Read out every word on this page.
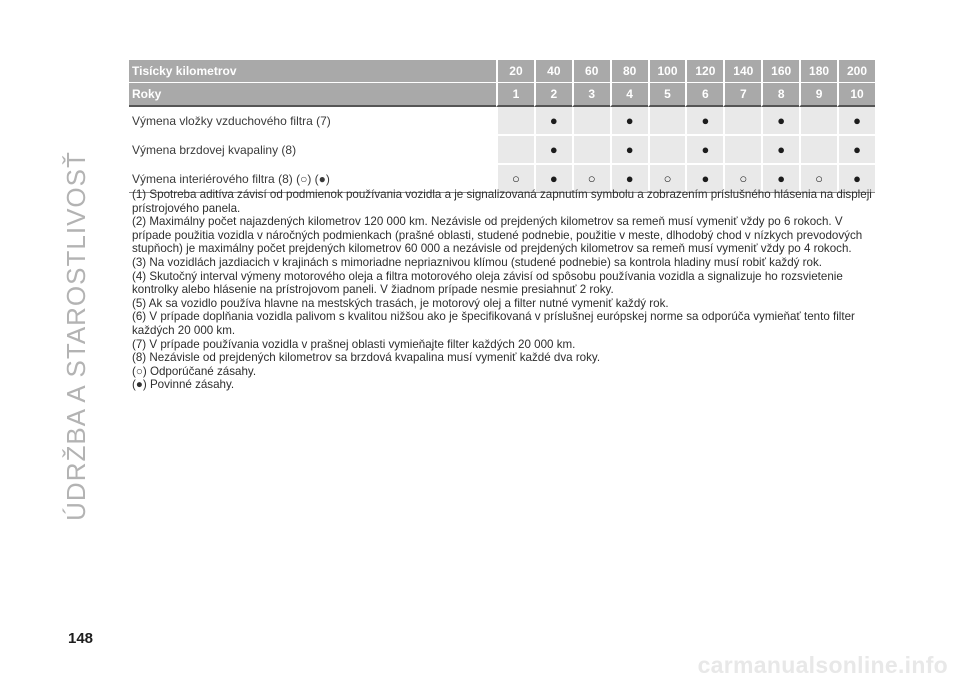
ÚDRŽBA A STAROSTLIVOSŤ
Tisícky kilometrov	20	40	60	80	100	120	140	160	180	200
Roky	1	2	3	4	5	6	7	8	9	10
Výmena vložky vzduchového filtra (7)		●		●		●		●		●
Výmena brzdovej kvapaliny (8)		●		●		●		●		●
Výmena interiérového filtra (8) (○) (●)	○	●	○	●	○	●	○	●	○	●

(1) Spotreba aditíva závisí od podmienok používania vozidla a je signalizovaná zapnutím symbolu a zobrazením príslušného hlásenia na displeji prístrojového panela.

(2) Maximálny počet najazdených kilometrov 120 000 km. Nezávisle od prejdených kilometrov sa remeň musí vymeniť vždy po 6 rokoch. V prípade použitia vozidla v náročných podmienkach (prašné oblasti, studené podnebie, použitie v meste, dlhodobý chod v nízkych prevodových stupňoch) je maximálny počet prejdených kilometrov 60 000 a nezávisle od prejdených kilometrov sa remeň musí vymeniť vždy po 4 rokoch.

(3) Na vozidlách jazdiacich v krajinách s mimoriadne nepriaznivou klímou (studené podnebie) sa kontrola hladiny musí robiť každý rok.

(4) Skutočný interval výmeny motorového oleja a filtra motorového oleja závisí od spôsobu používania vozidla a signalizuje ho rozsvietenie kontrolky alebo hlásenie na prístrojovom paneli. V žiadnom prípade nesmie presiahnuť 2 roky.

(5) Ak sa vozidlo používa hlavne na mestských trasách, je motorový olej a filter nutné vymeniť každý rok.

(6) V prípade doplňania vozidla palivom s kvalitou nižšou ako je špecifikovaná v príslušnej európskej norme sa odporúča vymieňať tento filter každých 20 000 km.

(7) V prípade používania vozidla v prašnej oblasti vymieňajte filter každých 20 000 km.

(8) Nezávisle od prejdených kilometrov sa brzdová kvapalina musí vymeniť každé dva roky.

(○) Odporúčané zásahy.

(●) Povinné zásahy.

148
carmanualsonline.info
